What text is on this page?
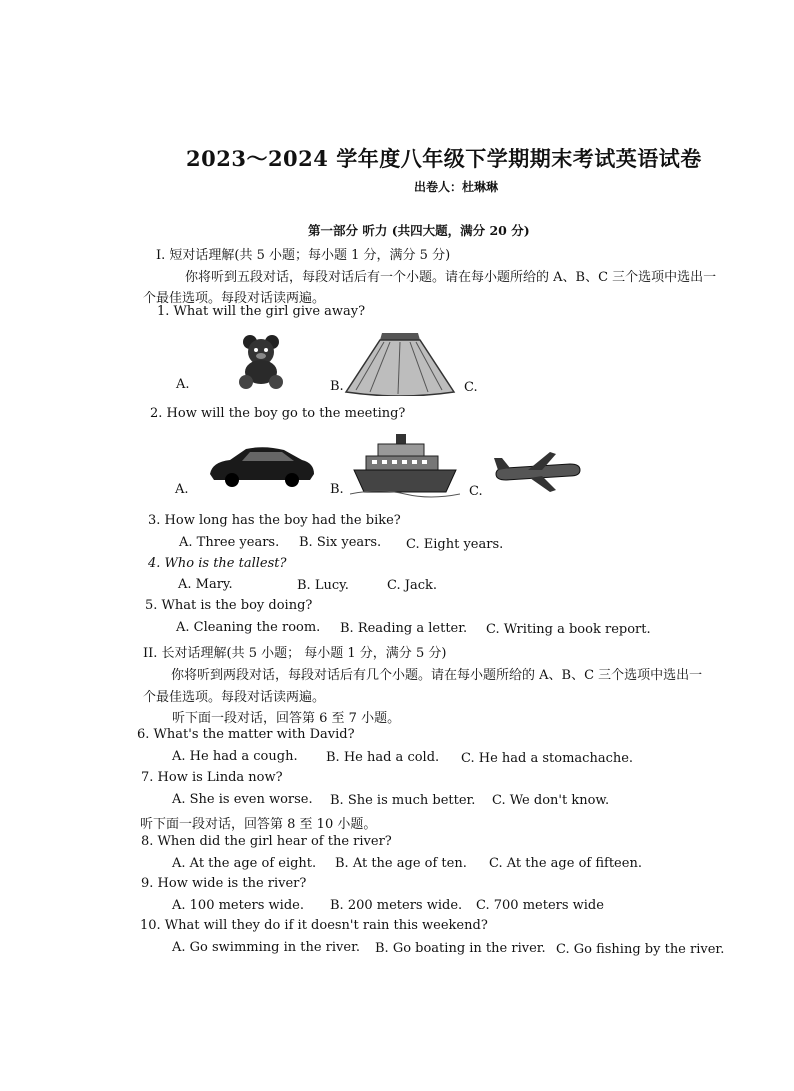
2023～2024 学年度八年级下学期期末考试英语试卷
出卷人：杜琳琳
第一部分 听力 (共四大题，满分 20 分)
I. 短对话理解(共 5 小题；每小题 1 分，满分 5 分)
你将听到五段对话，每段对话后有一个小题。请在每小题所给的 A、B、C 三个选项中选出一
个最佳选项。每段对话读两遍。
1. What will the girl give away?
A.	B.	C.
2. How will the boy go to the meeting?
A.	B.	C.
3. How long has the boy had the bike?
A. Three years. B. Six years. C. Eight years.
4. Who is the tallest?
A. Mary.	B. Lucy.	C. Jack.
5. What is the boy doing?
A. Cleaning the room. B. Reading a letter. C. Writing a book report.
II. 长对话理解(共 5 小题； 每小题 1 分，满分 5 分)
你将听到两段对话，每段对话后有几个小题。请在每小题所给的 A、B、C 三个选项中选出一
个最佳选项。每段对话读两遍。
听下面一段对话，回答第 6 至 7 小题。
6. What's the matter with David?
A. He had a cough. B. He had a cold. C. He had a stomachache.
7. How is Linda now?
A. She is even worse. B. She is much better. C. We don't know.
听下面一段对话，回答第 8 至 10 小题。
8. When did the girl hear of the river?
A. At the age of eight. B. At the age of ten. C. At the age of fifteen.
9. How wide is the river?
A. 100 meters wide. B. 200 meters wide. C. 700 meters wide
10. What will they do if it doesn't rain this weekend?
A. Go swimming in the river. B. Go boating in the river. C. Go fishing by the river.
